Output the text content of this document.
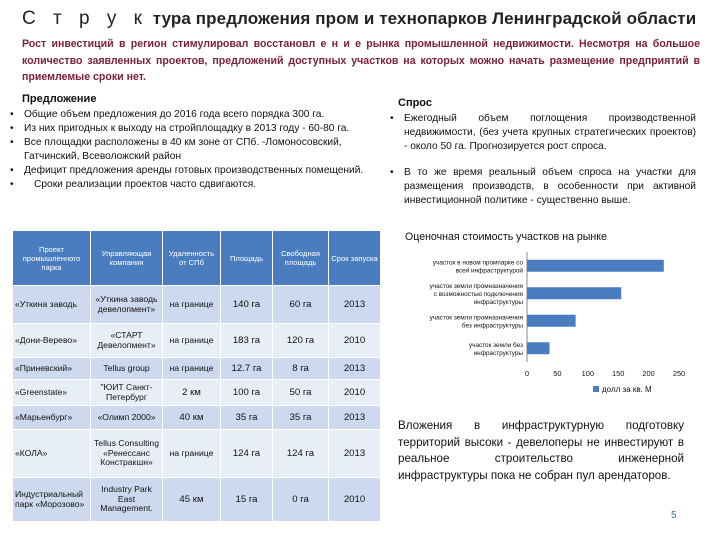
С т р у к тура предложения пром и технопарков Ленинградской области
Рост инвестиций в регион стимулировал восстановл е н и е рынка промышленной недвижимости. Несмотря на большое количество заявленных проектов, предложений доступных участков на которых можно начать размещение предприятий в приемлемые сроки нет.
Предложение
• Общие объем предложения до 2016 года всего порядка 300 га.
• Из них пригодных к выходу на стройплощадку в 2013 году - 60-80 га.
• Все площадки расположены в 40 км зоне от СПб. -Ломоносовский, Гатчинский, Всеволожский район
• Дефицит предложения аренды готовых производственных помещений.
• Сроки реализации проектов часто сдвигаются.
Спрос
• Ежегодный объем поглощения производственной недвижимости, (без учета крупных стратегических проектов) - около 50 га. Прогнозируется рост спроса.
• В то же время реальный объем спроса на участки для размещения производств, в особенности при активной инвестиционной политике - существенно выше.
Проект промышленного парка	Управляющая компания	Удаленность от СПб	Площадь	Свободная площадь	Срок запуска
«Уткина заводь	«Уткина заводь девелопмент»	на границе	140 га	60 га	2013
«Дони-Верево»	«СТАРТ Девелопмент»	на границе	183 га	120 га	2010
«Приневский»	Tellus group	на границе	12.7 га	8 га	2013
«Greenstate»	"ЮИТ Санкт-Петербург	2 км	100 га	50 га	2010
«Марьенбург»	«Олимп 2000»	40 км	35 га	35 га	2013
«КОЛА»	Tellus Consulting «Ренессанс Констракшн»	на границе	124 га	124 га	2013
Индустриальный парк «Морозово»	Industry Park East Management.	45 км	15 га	0 га	2010
Оценочная стоимость участков на рынке
участок в новом промпарке со
всей инфраструктурой
участок земли промназначения
с возможностью подключения
инфраструктуры
участок земли промназначения
без инфраструктуры
участок земли без
инфраструктуры
0	50	100 150 200 250
долл за кв. М
Вложения в инфраструктурную подготовку территорий высоки - девелоперы не инвестируют в реальное строительство инженерной инфраструктуры пока не собран пул арендаторов.
5
